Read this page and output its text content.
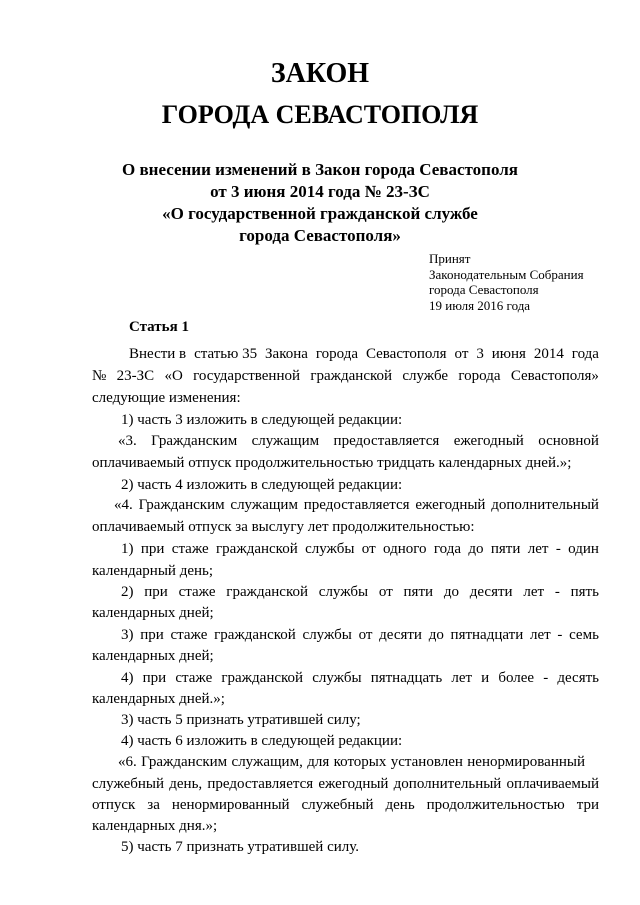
ЗАКОН
ГОРОДА СЕВАСТОПОЛЯ
О внесении изменений в Закон города Севастополя
от 3 июня 2014 года № 23-ЗС
«О государственной гражданской службе
города Севастополя»
Принят
Законодательным Собрания
города Севастополя
19 июля 2016 года
Статья 1
Внести в статью 35 Закона города Севастополя от 3 июня 2014 года
№ 23-ЗС «О государственной гражданской службе города Севастополя»
следующие изменения:
1) часть 3 изложить в следующей редакции:
«3. Гражданским служащим предоставляется ежегодный основной
оплачиваемый отпуск продолжительностью тридцать календарных дней.»;
2) часть 4 изложить в следующей редакции:
«4. Гражданским служащим предоставляется ежегодный дополнительный
оплачиваемый отпуск за выслугу лет продолжительностью:
1) при стаже гражданской службы от одного года до пяти лет - один
календарный день;
2) при стаже гражданской службы от пяти до десяти лет - пять
календарных дней;
3) при стаже гражданской службы от десяти до пятнадцати лет - семь
календарных дней;
4) при стаже гражданской службы пятнадцать лет и более - десять
календарных дней.»;
3) часть 5 признать утратившей силу;
4) часть 6 изложить в следующей редакции:
«6. Гражданским служащим, для которых установлен ненормированный
служебный день, предоставляется ежегодный дополнительный оплачиваемый
отпуск за ненормированный служебный день продолжительностью три
календарных дня.»;
5) часть 7 признать утратившей силу.
